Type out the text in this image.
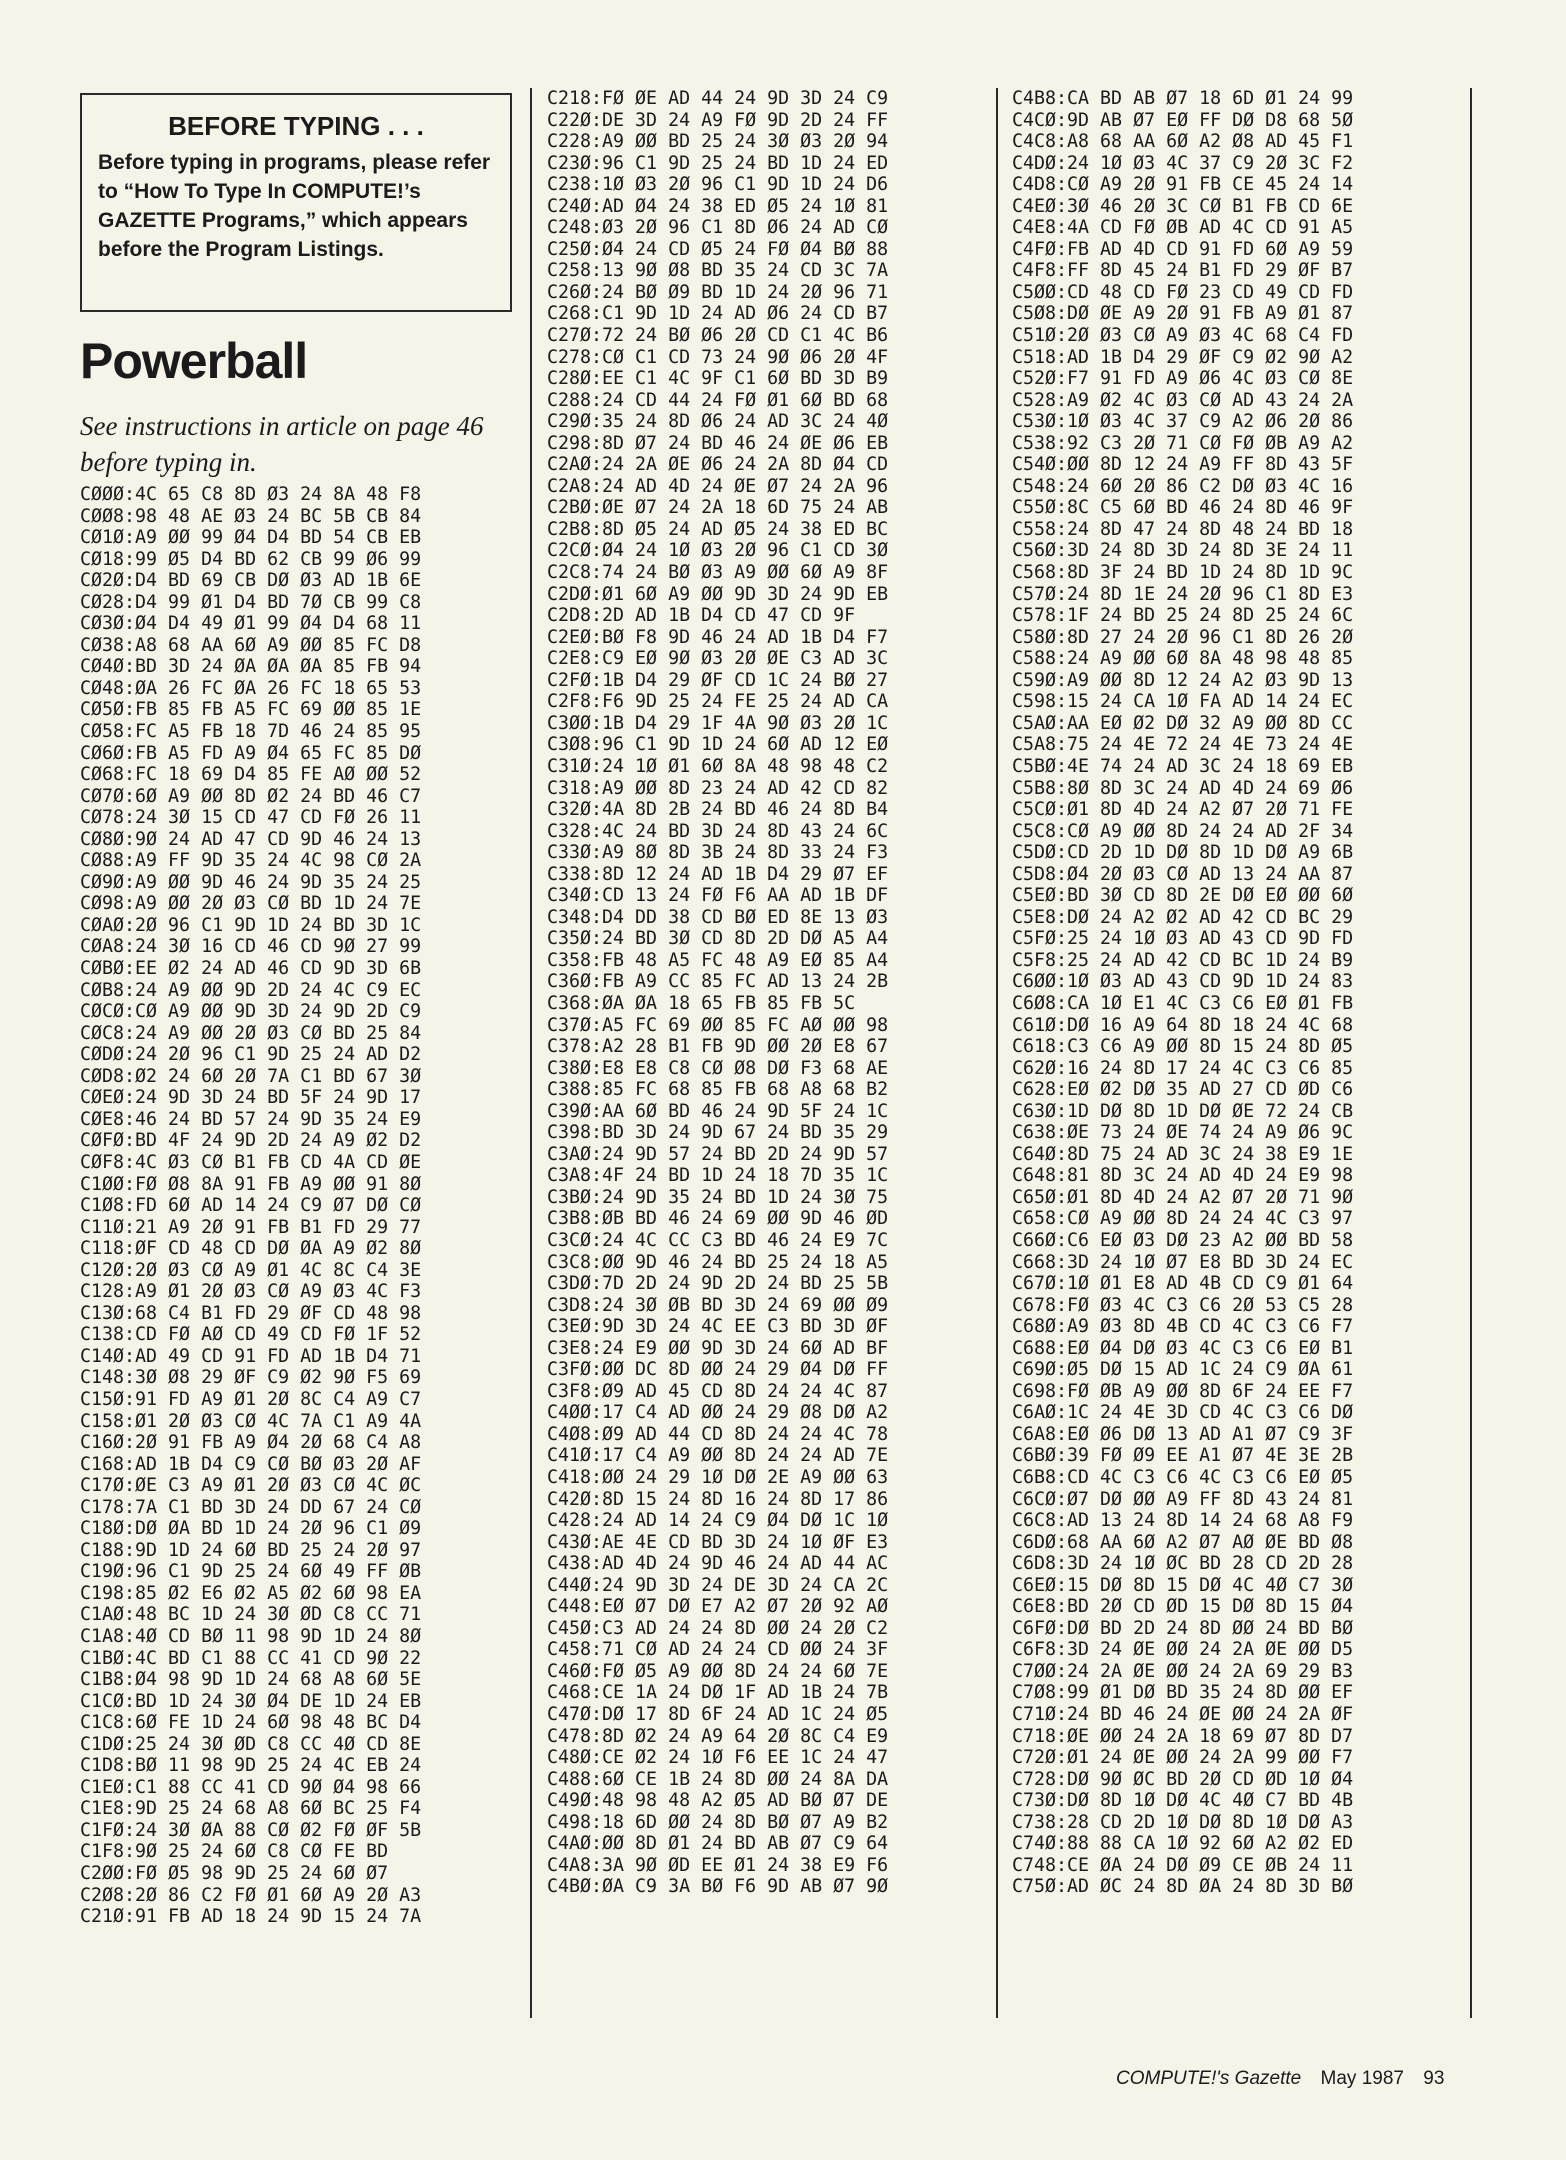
BEFORE TYPING . . .
Before typing in programs, please refer to “How To Type In COMPUTE!’s GAZETTE Programs,” which appears before the Program Listings.
Powerball
See instructions in article on page 46 before typing in.
CØØØ:4C 65 C8 8D Ø3 24 8A 48 F8
CØØ8:98 48 AE Ø3 24 BC 5B CB 84
CØ1Ø:A9 ØØ 99 Ø4 D4 BD 54 CB EB
CØ18:99 Ø5 D4 BD 62 CB 99 Ø6 99
CØ2Ø:D4 BD 69 CB DØ Ø3 AD 1B 6E
CØ28:D4 99 Ø1 D4 BD 7Ø CB 99 C8
CØ3Ø:Ø4 D4 49 Ø1 99 Ø4 D4 68 11
CØ38:A8 68 AA 6Ø A9 ØØ 85 FC D8
CØ4Ø:BD 3D 24 ØA ØA ØA 85 FB 94
CØ48:ØA 26 FC ØA 26 FC 18 65 53
CØ5Ø:FB 85 FB A5 FC 69 ØØ 85 1E
CØ58:FC A5 FB 18 7D 46 24 85 95
CØ6Ø:FB A5 FD A9 Ø4 65 FC 85 DØ
CØ68:FC 18 69 D4 85 FE AØ ØØ 52
CØ7Ø:6Ø A9 ØØ 8D Ø2 24 BD 46 C7
CØ78:24 3Ø 15 CD 47 CD FØ 26 11
CØ8Ø:9Ø 24 AD 47 CD 9D 46 24 13
CØ88:A9 FF 9D 35 24 4C 98 CØ 2A
CØ9Ø:A9 ØØ 9D 46 24 9D 35 24 25
CØ98:A9 ØØ 2Ø Ø3 CØ BD 1D 24 7E
CØAØ:2Ø 96 C1 9D 1D 24 BD 3D 1C
CØA8:24 3Ø 16 CD 46 CD 9Ø 27 99
CØBØ:EE Ø2 24 AD 46 CD 9D 3D 6B
CØB8:24 A9 ØØ 9D 2D 24 4C C9 EC
CØCØ:CØ A9 ØØ 9D 3D 24 9D 2D C9
CØC8:24 A9 ØØ 2Ø Ø3 CØ BD 25 84
CØDØ:24 2Ø 96 C1 9D 25 24 AD D2
CØD8:Ø2 24 6Ø 2Ø 7A C1 BD 67 3Ø
CØEØ:24 9D 3D 24 BD 5F 24 9D 17
CØE8:46 24 BD 57 24 9D 35 24 E9
CØFØ:BD 4F 24 9D 2D 24 A9 Ø2 D2
CØF8:4C Ø3 CØ B1 FB CD 4A CD ØE
C1ØØ:FØ Ø8 8A 91 FB A9 ØØ 91 8Ø
C1Ø8:FD 6Ø AD 14 24 C9 Ø7 DØ CØ
C11Ø:21 A9 2Ø 91 FB B1 FD 29 77
C118:ØF CD 48 CD DØ ØA A9 Ø2 8Ø
C12Ø:2Ø Ø3 CØ A9 Ø1 4C 8C C4 3E
C128:A9 Ø1 2Ø Ø3 CØ A9 Ø3 4C F3
C13Ø:68 C4 B1 FD 29 ØF CD 48 98
C138:CD FØ AØ CD 49 CD FØ 1F 52
C14Ø:AD 49 CD 91 FD AD 1B D4 71
C148:3Ø Ø8 29 ØF C9 Ø2 9Ø F5 69
C15Ø:91 FD A9 Ø1 2Ø 8C C4 A9 C7
C158:Ø1 2Ø Ø3 CØ 4C 7A C1 A9 4A
C16Ø:2Ø 91 FB A9 Ø4 2Ø 68 C4 A8
C168:AD 1B D4 C9 CØ BØ Ø3 2Ø AF
C17Ø:ØE C3 A9 Ø1 2Ø Ø3 CØ 4C ØC
C178:7A C1 BD 3D 24 DD 67 24 CØ
C18Ø:DØ ØA BD 1D 24 2Ø 96 C1 Ø9
C188:9D 1D 24 6Ø BD 25 24 2Ø 97
C19Ø:96 C1 9D 25 24 6Ø 49 FF ØB
C198:85 Ø2 E6 Ø2 A5 Ø2 6Ø 98 EA
C1AØ:48 BC 1D 24 3Ø ØD C8 CC 71
C1A8:4Ø CD BØ 11 98 9D 1D 24 8Ø
C1BØ:4C BD C1 88 CC 41 CD 9Ø 22
C1B8:Ø4 98 9D 1D 24 68 A8 6Ø 5E
C1CØ:BD 1D 24 3Ø Ø4 DE 1D 24 EB
C1C8:6Ø FE 1D 24 6Ø 98 48 BC D4
C1DØ:25 24 3Ø ØD C8 CC 4Ø CD 8E
C1D8:BØ 11 98 9D 25 24 4C EB 24
C1EØ:C1 88 CC 41 CD 9Ø Ø4 98 66
C1E8:9D 25 24 68 A8 6Ø BC 25 F4
C1FØ:24 3Ø ØA 88 CØ Ø2 FØ ØF 5B
C1F8:9Ø 25 24 6Ø C8 CØ FE BD
C2ØØ:FØ Ø5 98 9D 25 24 6Ø Ø7
C2Ø8:2Ø 86 C2 FØ Ø1 6Ø A9 2Ø A3
C21Ø:91 FB AD 18 24 9D 15 24 7A
C218:FØ ØE AD 44 24 9D 3D 24 C9
C22Ø:DE 3D 24 A9 FØ 9D 2D 24 FF
C228:A9 ØØ BD 25 24 3Ø Ø3 2Ø 94
C23Ø:96 C1 9D 25 24 BD 1D 24 ED
C238:1Ø Ø3 2Ø 96 C1 9D 1D 24 D6
C24Ø:AD Ø4 24 38 ED Ø5 24 1Ø 81
C248:Ø3 2Ø 96 C1 8D Ø6 24 AD CØ
C25Ø:Ø4 24 CD Ø5 24 FØ Ø4 BØ 88
C258:13 9Ø Ø8 BD 35 24 CD 3C 7A
C26Ø:24 BØ Ø9 BD 1D 24 2Ø 96 71
C268:C1 9D 1D 24 AD Ø6 24 CD B7
C27Ø:72 24 BØ Ø6 2Ø CD C1 4C B6
C278:CØ C1 CD 73 24 9Ø Ø6 2Ø 4F
C28Ø:EE C1 4C 9F C1 6Ø BD 3D B9
C288:24 CD 44 24 FØ Ø1 6Ø BD 68
C29Ø:35 24 8D Ø6 24 AD 3C 24 4Ø
C298:8D Ø7 24 BD 46 24 ØE Ø6 EB
C2AØ:24 2A ØE Ø6 24 2A 8D Ø4 CD
C2A8:24 AD 4D 24 ØE Ø7 24 2A 96
C2BØ:ØE Ø7 24 2A 18 6D 75 24 AB
C2B8:8D Ø5 24 AD Ø5 24 38 ED BC
C2CØ:Ø4 24 1Ø Ø3 2Ø 96 C1 CD 3Ø
C2C8:74 24 BØ Ø3 A9 ØØ 6Ø A9 8F
C2DØ:Ø1 6Ø A9 ØØ 9D 3D 24 9D EB
C2D8:2D AD 1B D4 CD 47 CD 9F
C2EØ:BØ F8 9D 46 24 AD 1B D4 F7
C2E8:C9 EØ 9Ø Ø3 2Ø ØE C3 AD 3C
C2FØ:1B D4 29 ØF CD 1C 24 BØ 27
C2F8:F6 9D 25 24 FE 25 24 AD CA
C3ØØ:1B D4 29 1F 4A 9Ø Ø3 2Ø 1C
C3Ø8:96 C1 9D 1D 24 6Ø AD 12 EØ
C31Ø:24 1Ø Ø1 6Ø 8A 48 98 48 C2
C318:A9 ØØ 8D 23 24 AD 42 CD 82
C32Ø:4A 8D 2B 24 BD 46 24 8D B4
C328:4C 24 BD 3D 24 8D 43 24 6C
C33Ø:A9 8Ø 8D 3B 24 8D 33 24 F3
C338:8D 12 24 AD 1B D4 29 Ø7 EF
C34Ø:CD 13 24 FØ F6 AA AD 1B DF
C348:D4 DD 38 CD BØ ED 8E 13 Ø3
C35Ø:24 BD 3Ø CD 8D 2D DØ A5 A4
C358:FB 48 A5 FC 48 A9 EØ 85 A4
C36Ø:FB A9 CC 85 FC AD 13 24 2B
C368:ØA ØA 18 65 FB 85 FB 5C
C37Ø:A5 FC 69 ØØ 85 FC AØ ØØ 98
C378:A2 28 B1 FB 9D ØØ 2Ø E8 67
C38Ø:E8 E8 C8 CØ Ø8 DØ F3 68 AE
C388:85 FC 68 85 FB 68 A8 68 B2
C39Ø:AA 6Ø BD 46 24 9D 5F 24 1C
C398:BD 3D 24 9D 67 24 BD 35 29
C3AØ:24 9D 57 24 BD 2D 24 9D 57
C3A8:4F 24 BD 1D 24 18 7D 35 1C
C3BØ:24 9D 35 24 BD 1D 24 3Ø 75
C3B8:ØB BD 46 24 69 ØØ 9D 46 ØD
C3CØ:24 4C CC C3 BD 46 24 E9 7C
C3C8:ØØ 9D 46 24 BD 25 24 18 A5
C3DØ:7D 2D 24 9D 2D 24 BD 25 5B
C3D8:24 3Ø ØB BD 3D 24 69 ØØ Ø9
C3EØ:9D 3D 24 4C EE C3 BD 3D ØF
C3E8:24 E9 ØØ 9D 3D 24 6Ø AD BF
C3FØ:ØØ DC 8D ØØ 24 29 Ø4 DØ FF
C3F8:Ø9 AD 45 CD 8D 24 24 4C 87
C4ØØ:17 C4 AD ØØ 24 29 Ø8 DØ A2
C4Ø8:Ø9 AD 44 CD 8D 24 24 4C 78
C41Ø:17 C4 A9 ØØ 8D 24 24 AD 7E
C418:ØØ 24 29 1Ø DØ 2E A9 ØØ 63
C42Ø:8D 15 24 8D 16 24 8D 17 86
C428:24 AD 14 24 C9 Ø4 DØ 1C 1Ø
C43Ø:AE 4E CD BD 3D 24 1Ø ØF E3
C438:AD 4D 24 9D 46 24 AD 44 AC
C44Ø:24 9D 3D 24 DE 3D 24 CA 2C
C448:EØ Ø7 DØ E7 A2 Ø7 2Ø 92 AØ
C45Ø:C3 AD 24 24 8D ØØ 24 2Ø C2
C458:71 CØ AD 24 24 CD ØØ 24 3F
C46Ø:FØ Ø5 A9 ØØ 8D 24 24 6Ø 7E
C468:CE 1A 24 DØ 1F AD 1B 24 7B
C47Ø:DØ 17 8D 6F 24 AD 1C 24 Ø5
C478:8D Ø2 24 A9 64 2Ø 8C C4 E9
C48Ø:CE Ø2 24 1Ø F6 EE 1C 24 47
C488:6Ø CE 1B 24 8D ØØ 24 8A DA
C49Ø:48 98 48 A2 Ø5 AD BØ Ø7 DE
C498:18 6D ØØ 24 8D BØ Ø7 A9 B2
C4AØ:ØØ 8D Ø1 24 BD AB Ø7 C9 64
C4A8:3A 9Ø ØD EE Ø1 24 38 E9 F6
C4BØ:ØA C9 3A BØ F6 9D AB Ø7 9Ø
C4B8:CA BD AB Ø7 18 6D Ø1 24 99
C4CØ:9D AB Ø7 EØ FF DØ D8 68 5Ø
C4C8:A8 68 AA 6Ø A2 Ø8 AD 45 F1
C4DØ:24 1Ø Ø3 4C 37 C9 2Ø 3C F2
C4D8:CØ A9 2Ø 91 FB CE 45 24 14
C4EØ:3Ø 46 2Ø 3C CØ B1 FB CD 6E
C4E8:4A CD FØ ØB AD 4C CD 91 A5
C4FØ:FB AD 4D CD 91 FD 6Ø A9 59
C4F8:FF 8D 45 24 B1 FD 29 ØF B7
C5ØØ:CD 48 CD FØ 23 CD 49 CD FD
C5Ø8:DØ ØE A9 2Ø 91 FB A9 Ø1 87
C51Ø:2Ø Ø3 CØ A9 Ø3 4C 68 C4 FD
C518:AD 1B D4 29 ØF C9 Ø2 9Ø A2
C52Ø:F7 91 FD A9 Ø6 4C Ø3 CØ 8E
C528:A9 Ø2 4C Ø3 CØ AD 43 24 2A
C53Ø:1Ø Ø3 4C 37 C9 A2 Ø6 2Ø 86
C538:92 C3 2Ø 71 CØ FØ ØB A9 A2
C54Ø:ØØ 8D 12 24 A9 FF 8D 43 5F
C548:24 6Ø 2Ø 86 C2 DØ Ø3 4C 16
C55Ø:8C C5 6Ø BD 46 24 8D 46 9F
C558:24 8D 47 24 8D 48 24 BD 18
C56Ø:3D 24 8D 3D 24 8D 3E 24 11
C568:8D 3F 24 BD 1D 24 8D 1D 9C
C57Ø:24 8D 1E 24 2Ø 96 C1 8D E3
C578:1F 24 BD 25 24 8D 25 24 6C
C58Ø:8D 27 24 2Ø 96 C1 8D 26 2Ø
C588:24 A9 ØØ 6Ø 8A 48 98 48 85
C59Ø:A9 ØØ 8D 12 24 A2 Ø3 9D 13
C598:15 24 CA 1Ø FA AD 14 24 EC
C5AØ:AA EØ Ø2 DØ 32 A9 ØØ 8D CC
C5A8:75 24 4E 72 24 4E 73 24 4E
C5BØ:4E 74 24 AD 3C 24 18 69 EB
C5B8:8Ø 8D 3C 24 AD 4D 24 69 Ø6
C5CØ:Ø1 8D 4D 24 A2 Ø7 2Ø 71 FE
C5C8:CØ A9 ØØ 8D 24 24 AD 2F 34
C5DØ:CD 2D 1D DØ 8D 1D DØ A9 6B
C5D8:Ø4 2Ø Ø3 CØ AD 13 24 AA 87
C5EØ:BD 3Ø CD 8D 2E DØ EØ ØØ 6Ø
C5E8:DØ 24 A2 Ø2 AD 42 CD BC 29
C5FØ:25 24 1Ø Ø3 AD 43 CD 9D FD
C5F8:25 24 AD 42 CD BC 1D 24 B9
C6ØØ:1Ø Ø3 AD 43 CD 9D 1D 24 83
C6Ø8:CA 1Ø E1 4C C3 C6 EØ Ø1 FB
C61Ø:DØ 16 A9 64 8D 18 24 4C 68
C618:C3 C6 A9 ØØ 8D 15 24 8D Ø5
C62Ø:16 24 8D 17 24 4C C3 C6 85
C628:EØ Ø2 DØ 35 AD 27 CD ØD C6
C63Ø:1D DØ 8D 1D DØ ØE 72 24 CB
C638:ØE 73 24 ØE 74 24 A9 Ø6 9C
C64Ø:8D 75 24 AD 3C 24 38 E9 1E
C648:81 8D 3C 24 AD 4D 24 E9 98
C65Ø:Ø1 8D 4D 24 A2 Ø7 2Ø 71 9Ø
C658:CØ A9 ØØ 8D 24 24 4C C3 97
C66Ø:C6 EØ Ø3 DØ 23 A2 ØØ BD 58
C668:3D 24 1Ø Ø7 E8 BD 3D 24 EC
C67Ø:1Ø Ø1 E8 AD 4B CD C9 Ø1 64
C678:FØ Ø3 4C C3 C6 2Ø 53 C5 28
C68Ø:A9 Ø3 8D 4B CD 4C C3 C6 F7
C688:EØ Ø4 DØ Ø3 4C C3 C6 EØ B1
C69Ø:Ø5 DØ 15 AD 1C 24 C9 ØA 61
C698:FØ ØB A9 ØØ 8D 6F 24 EE F7
C6AØ:1C 24 4E 3D CD 4C C3 C6 DØ
C6A8:EØ Ø6 DØ 13 AD A1 Ø7 C9 3F
C6BØ:39 FØ Ø9 EE A1 Ø7 4E 3E 2B
C6B8:CD 4C C3 C6 4C C3 C6 EØ Ø5
C6CØ:Ø7 DØ ØØ A9 FF 8D 43 24 81
C6C8:AD 13 24 8D 14 24 68 A8 F9
C6DØ:68 AA 6Ø A2 Ø7 AØ ØE BD Ø8
C6D8:3D 24 1Ø ØC BD 28 CD 2D 28
C6EØ:15 DØ 8D 15 DØ 4C 4Ø C7 3Ø
C6E8:BD 2Ø CD ØD 15 DØ 8D 15 Ø4
C6FØ:DØ BD 2D 24 8D ØØ 24 BD BØ
C6F8:3D 24 ØE ØØ 24 2A ØE ØØ D5
C7ØØ:24 2A ØE ØØ 24 2A 69 29 B3
C7Ø8:99 Ø1 DØ BD 35 24 8D ØØ EF
C71Ø:24 BD 46 24 ØE ØØ 24 2A ØF
C718:ØE ØØ 24 2A 18 69 Ø7 8D D7
C72Ø:Ø1 24 ØE ØØ 24 2A 99 ØØ F7
C728:DØ 9Ø ØC BD 2Ø CD ØD 1Ø Ø4
C73Ø:DØ 8D 1Ø DØ 4C 4Ø C7 BD 4B
C738:28 CD 2D 1Ø DØ 8D 1Ø DØ A3
C74Ø:88 88 CA 1Ø 92 6Ø A2 Ø2 ED
C748:CE ØA 24 DØ Ø9 CE ØB 24 11
C75Ø:AD ØC 24 8D ØA 24 8D 3D BØ
COMPUTE!'s Gazette May 1987 93
